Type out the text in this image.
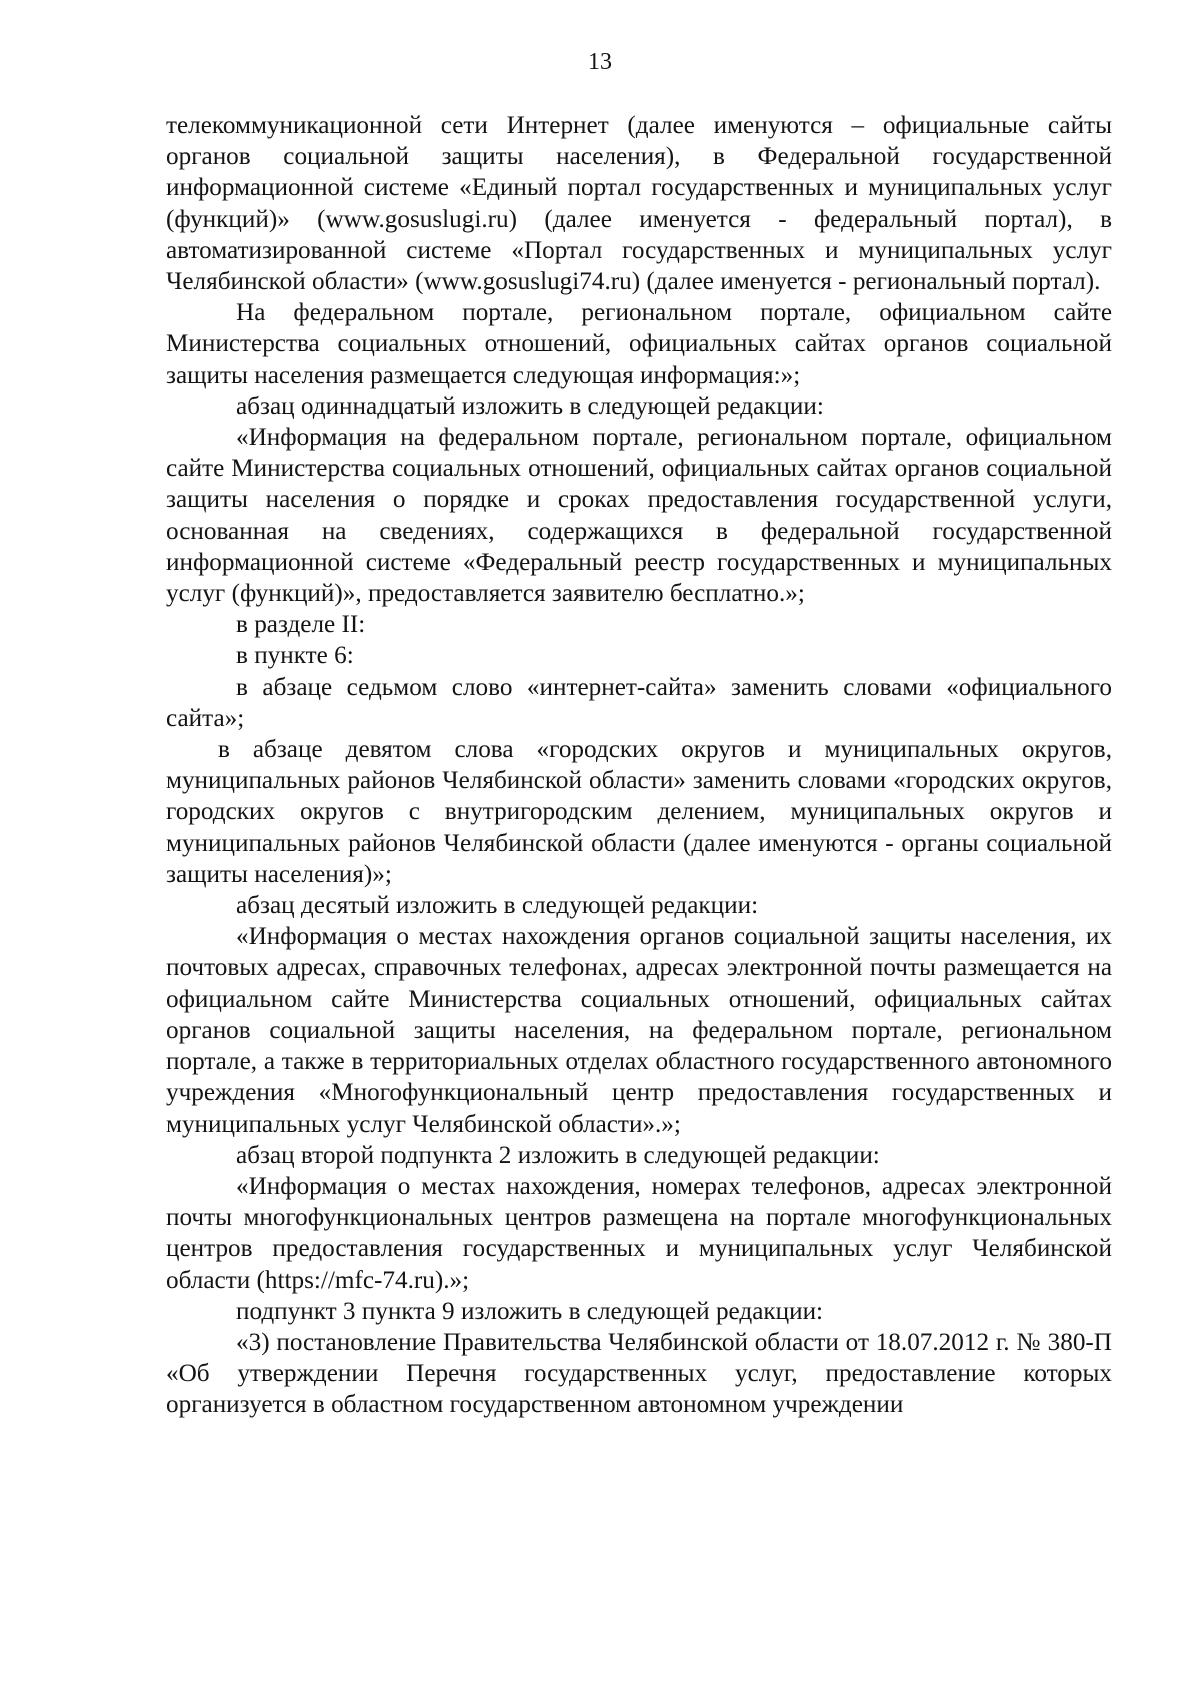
13

телекоммуникационной сети Интернет (далее именуются – официальные сайты органов социальной защиты населения), в Федеральной государственной информационной системе «Единый портал государственных и муниципальных услуг (функций)» (www.gosuslugi.ru) (далее именуется - федеральный портал), в автоматизированной системе «Портал государственных и муниципальных услуг Челябинской области» (www.gosuslugi74.ru) (далее именуется - региональный портал).

На федеральном портале, региональном портале, официальном сайте Министерства социальных отношений, официальных сайтах органов социальной защиты населения размещается следующая информация:»;

абзац одиннадцатый изложить в следующей редакции:

«Информация на федеральном портале, региональном портале, официальном сайте Министерства социальных отношений, официальных сайтах органов социальной защиты населения о порядке и сроках предоставления государственной услуги, основанная на сведениях, содержащихся в федеральной государственной информационной системе «Федеральный реестр государственных и муниципальных услуг (функций)», предоставляется заявителю бесплатно.»;

в разделе II:

в пункте 6:

в абзаце седьмом слово «интернет-сайта» заменить словами «официального сайта»;

в абзаце девятом слова «городских округов и муниципальных округов, муниципальных районов Челябинской области» заменить словами «городских округов, городских округов с внутригородским делением, муниципальных округов и муниципальных районов Челябинской области (далее именуются - органы социальной защиты населения)»;

абзац десятый изложить в следующей редакции:

«Информация о местах нахождения органов социальной защиты населения, их почтовых адресах, справочных телефонах, адресах электронной почты размещается на официальном сайте Министерства социальных отношений, официальных сайтах органов социальной защиты населения, на федеральном портале, региональном портале, а также в территориальных отделах областного государственного автономного учреждения «Многофункциональный центр предоставления государственных и муниципальных услуг Челябинской области».»;

абзац второй подпункта 2 изложить в следующей редакции:

«Информация о местах нахождения, номерах телефонов, адресах электронной почты многофункциональных центров размещена на портале многофункциональных центров предоставления государственных и муниципальных услуг Челябинской области (https://mfc-74.ru).»;

подпункт 3 пункта 9 изложить в следующей редакции:

«3) постановление Правительства Челябинской области от 18.07.2012 г. № 380-П «Об утверждении Перечня государственных услуг, предоставление которых организуется в областном государственном автономном учреждении
